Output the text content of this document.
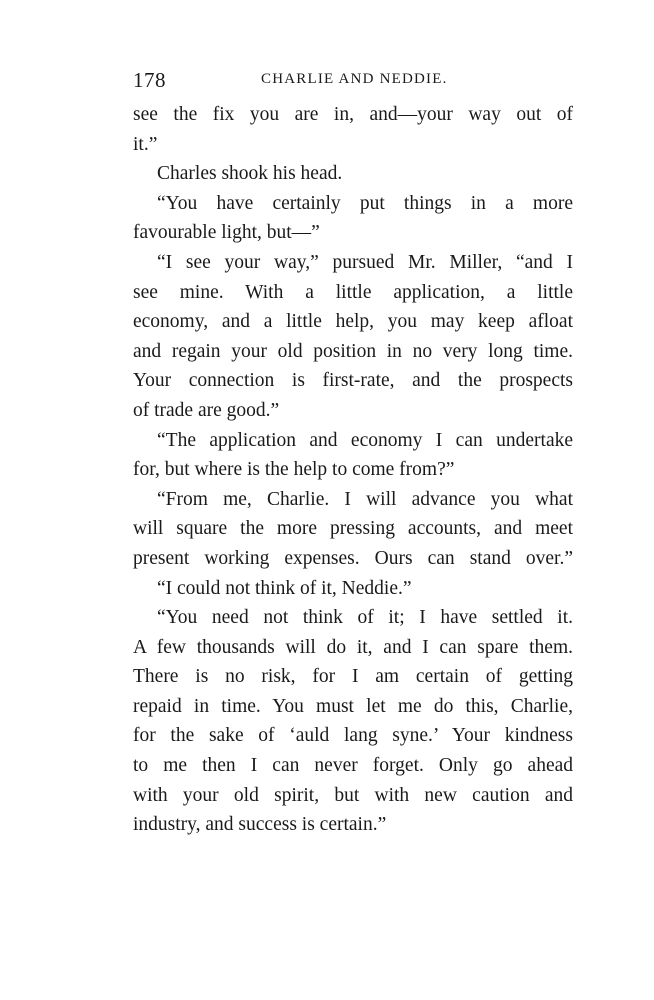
178	CHARLIE AND NEDDIE.
see the fix you are in, and—your way out of
it.”
Charles shook his head.
“You have certainly put things in a more
favourable light, but—”
“I see your way,” pursued Mr. Miller, “and I
see mine. With a little application, a little
economy, and a little help, you may keep afloat
and regain your old position in no very long time.
Your connection is first-rate, and the prospects
of trade are good.”
“The application and economy I can undertake
for, but where is the help to come from?”
“From me, Charlie. I will advance you what
will square the more pressing accounts, and meet
present working expenses. Ours can stand over.”
“I could not think of it, Neddie.”
“You need not think of it; I have settled it.
A few thousands will do it, and I can spare them.
There is no risk, for I am certain of getting
repaid in time. You must let me do this, Charlie,
for the sake of ‘auld lang syne.’ Your kindness
to me then I can never forget. Only go ahead
with your old spirit, but with new caution and
industry, and success is certain.”
